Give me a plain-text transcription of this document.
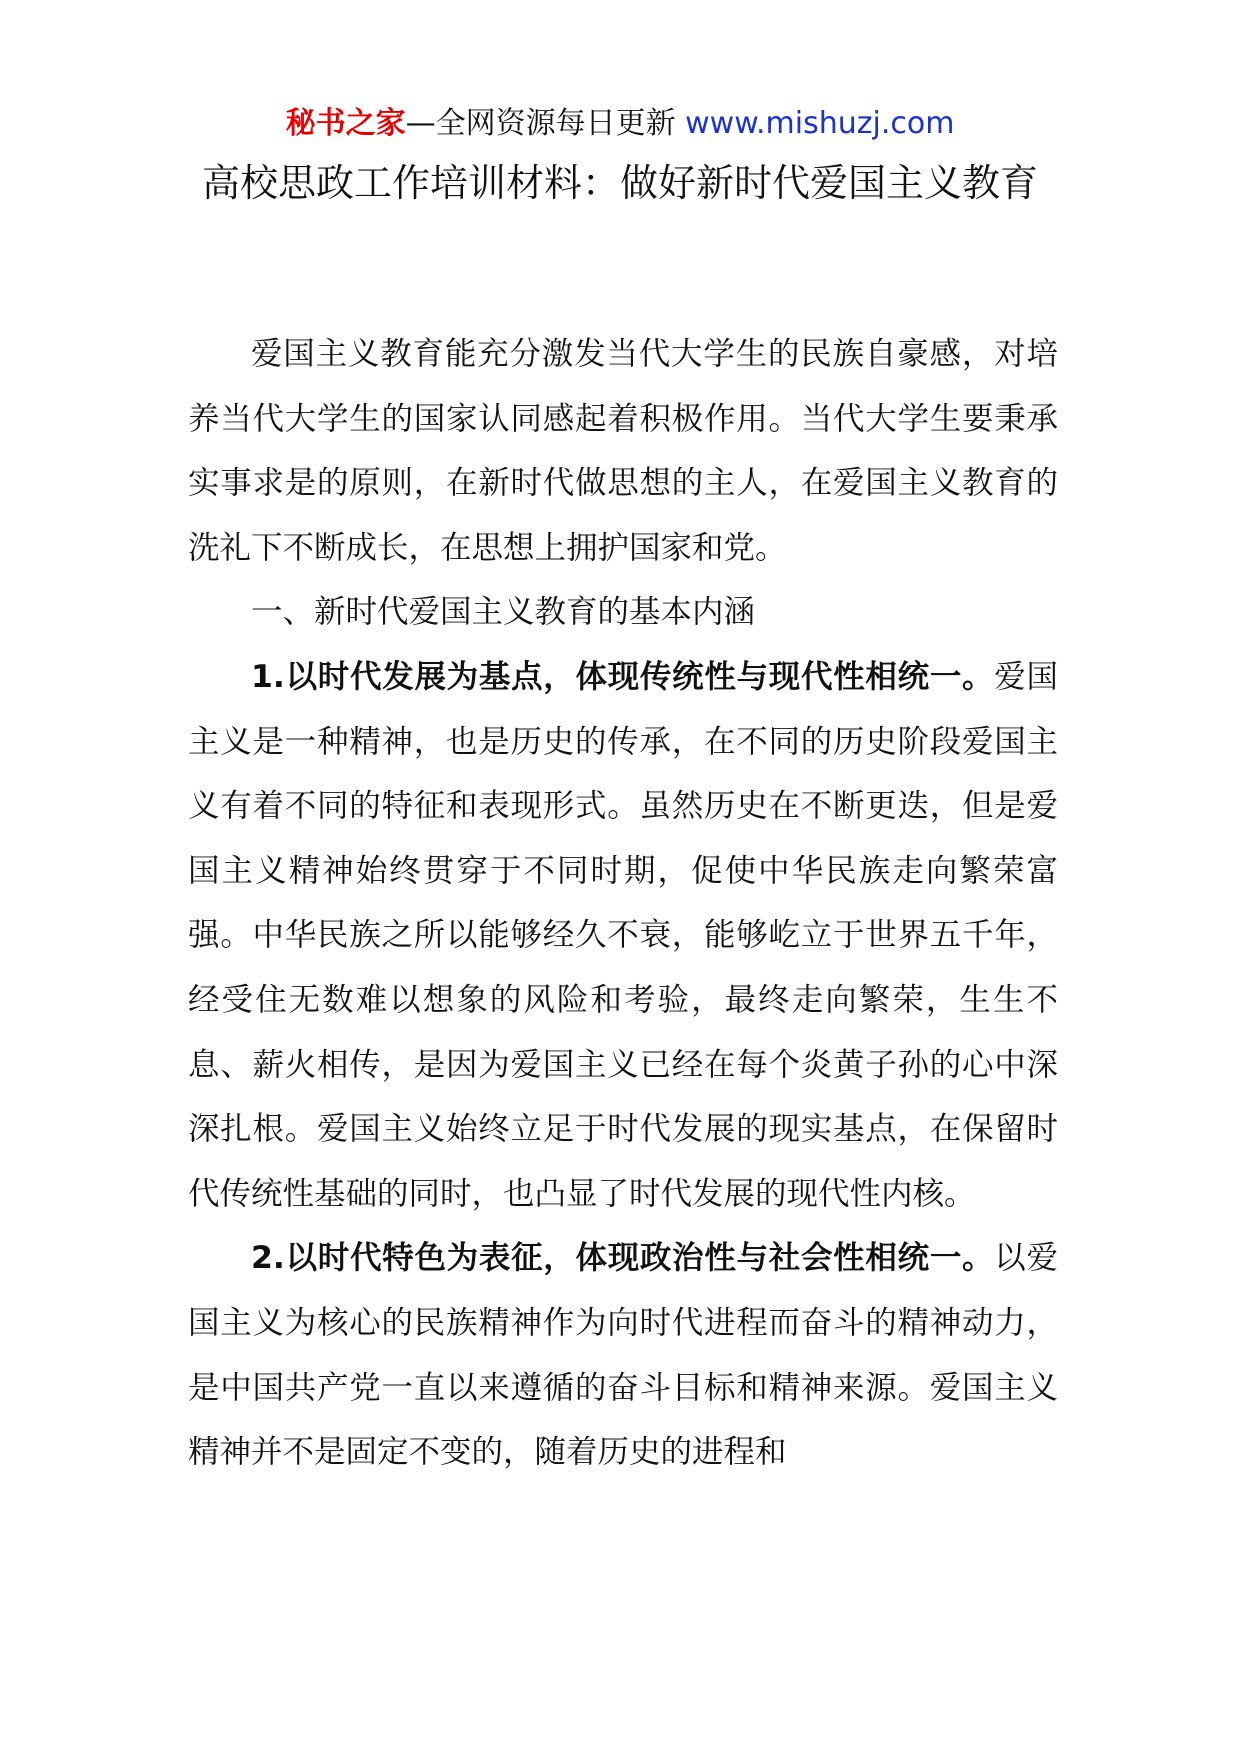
秘书之家—全网资源每日更新 www.mishuzj.com
高校思政工作培训材料：做好新时代爱国主义教育

爱国主义教育能充分激发当代大学生的民族自豪感，对培养当代大学生的国家认同感起着积极作用。当代大学生要秉承实事求是的原则，在新时代做思想的主人，在爱国主义教育的洗礼下不断成长，在思想上拥护国家和党。

一、新时代爱国主义教育的基本内涵

1.以时代发展为基点，体现传统性与现代性相统一。爱国主义是一种精神，也是历史的传承，在不同的历史阶段爱国主义有着不同的特征和表现形式。虽然历史在不断更迭，但是爱国主义精神始终贯穿于不同时期，促使中华民族走向繁荣富强。中华民族之所以能够经久不衰，能够屹立于世界五千年，经受住无数难以想象的风险和考验，最终走向繁荣，生生不息、薪火相传，是因为爱国主义已经在每个炎黄子孙的心中深深扎根。爱国主义始终立足于时代发展的现实基点，在保留时代传统性基础的同时，也凸显了时代发展的现代性内核。

2.以时代特色为表征，体现政治性与社会性相统一。以爱国主义为核心的民族精神作为向时代进程而奋斗的精神动力，是中国共产党一直以来遵循的奋斗目标和精神来源。爱国主义精神并不是固定不变的，随着历史的进程和
